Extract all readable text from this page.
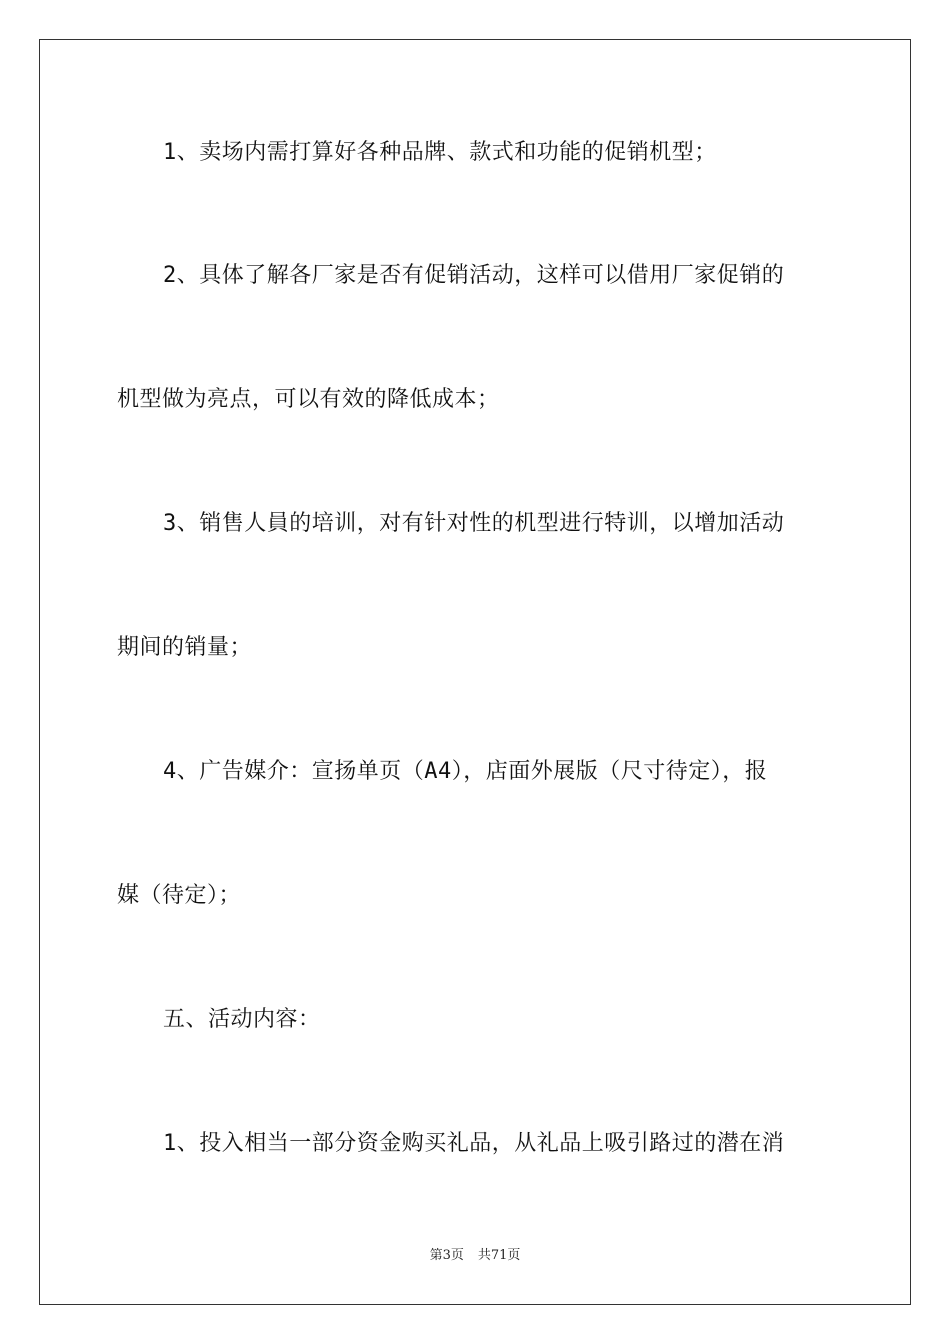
1、卖场内需打算好各种品牌、款式和功能的促销机型；
2、具体了解各厂家是否有促销活动，这样可以借用厂家促销的
机型做为亮点，可以有效的降低成本；
3、销售人員的培训，对有针对性的机型进行特训，以增加活动
期间的销量；
4、广告媒介：宣扬单页（A4），店面外展版（尺寸待定），报
媒（待定）；
五、活动内容：
1、投入相当一部分资金购买礼品，从礼品上吸引路过的潜在消
第3页 共71页
